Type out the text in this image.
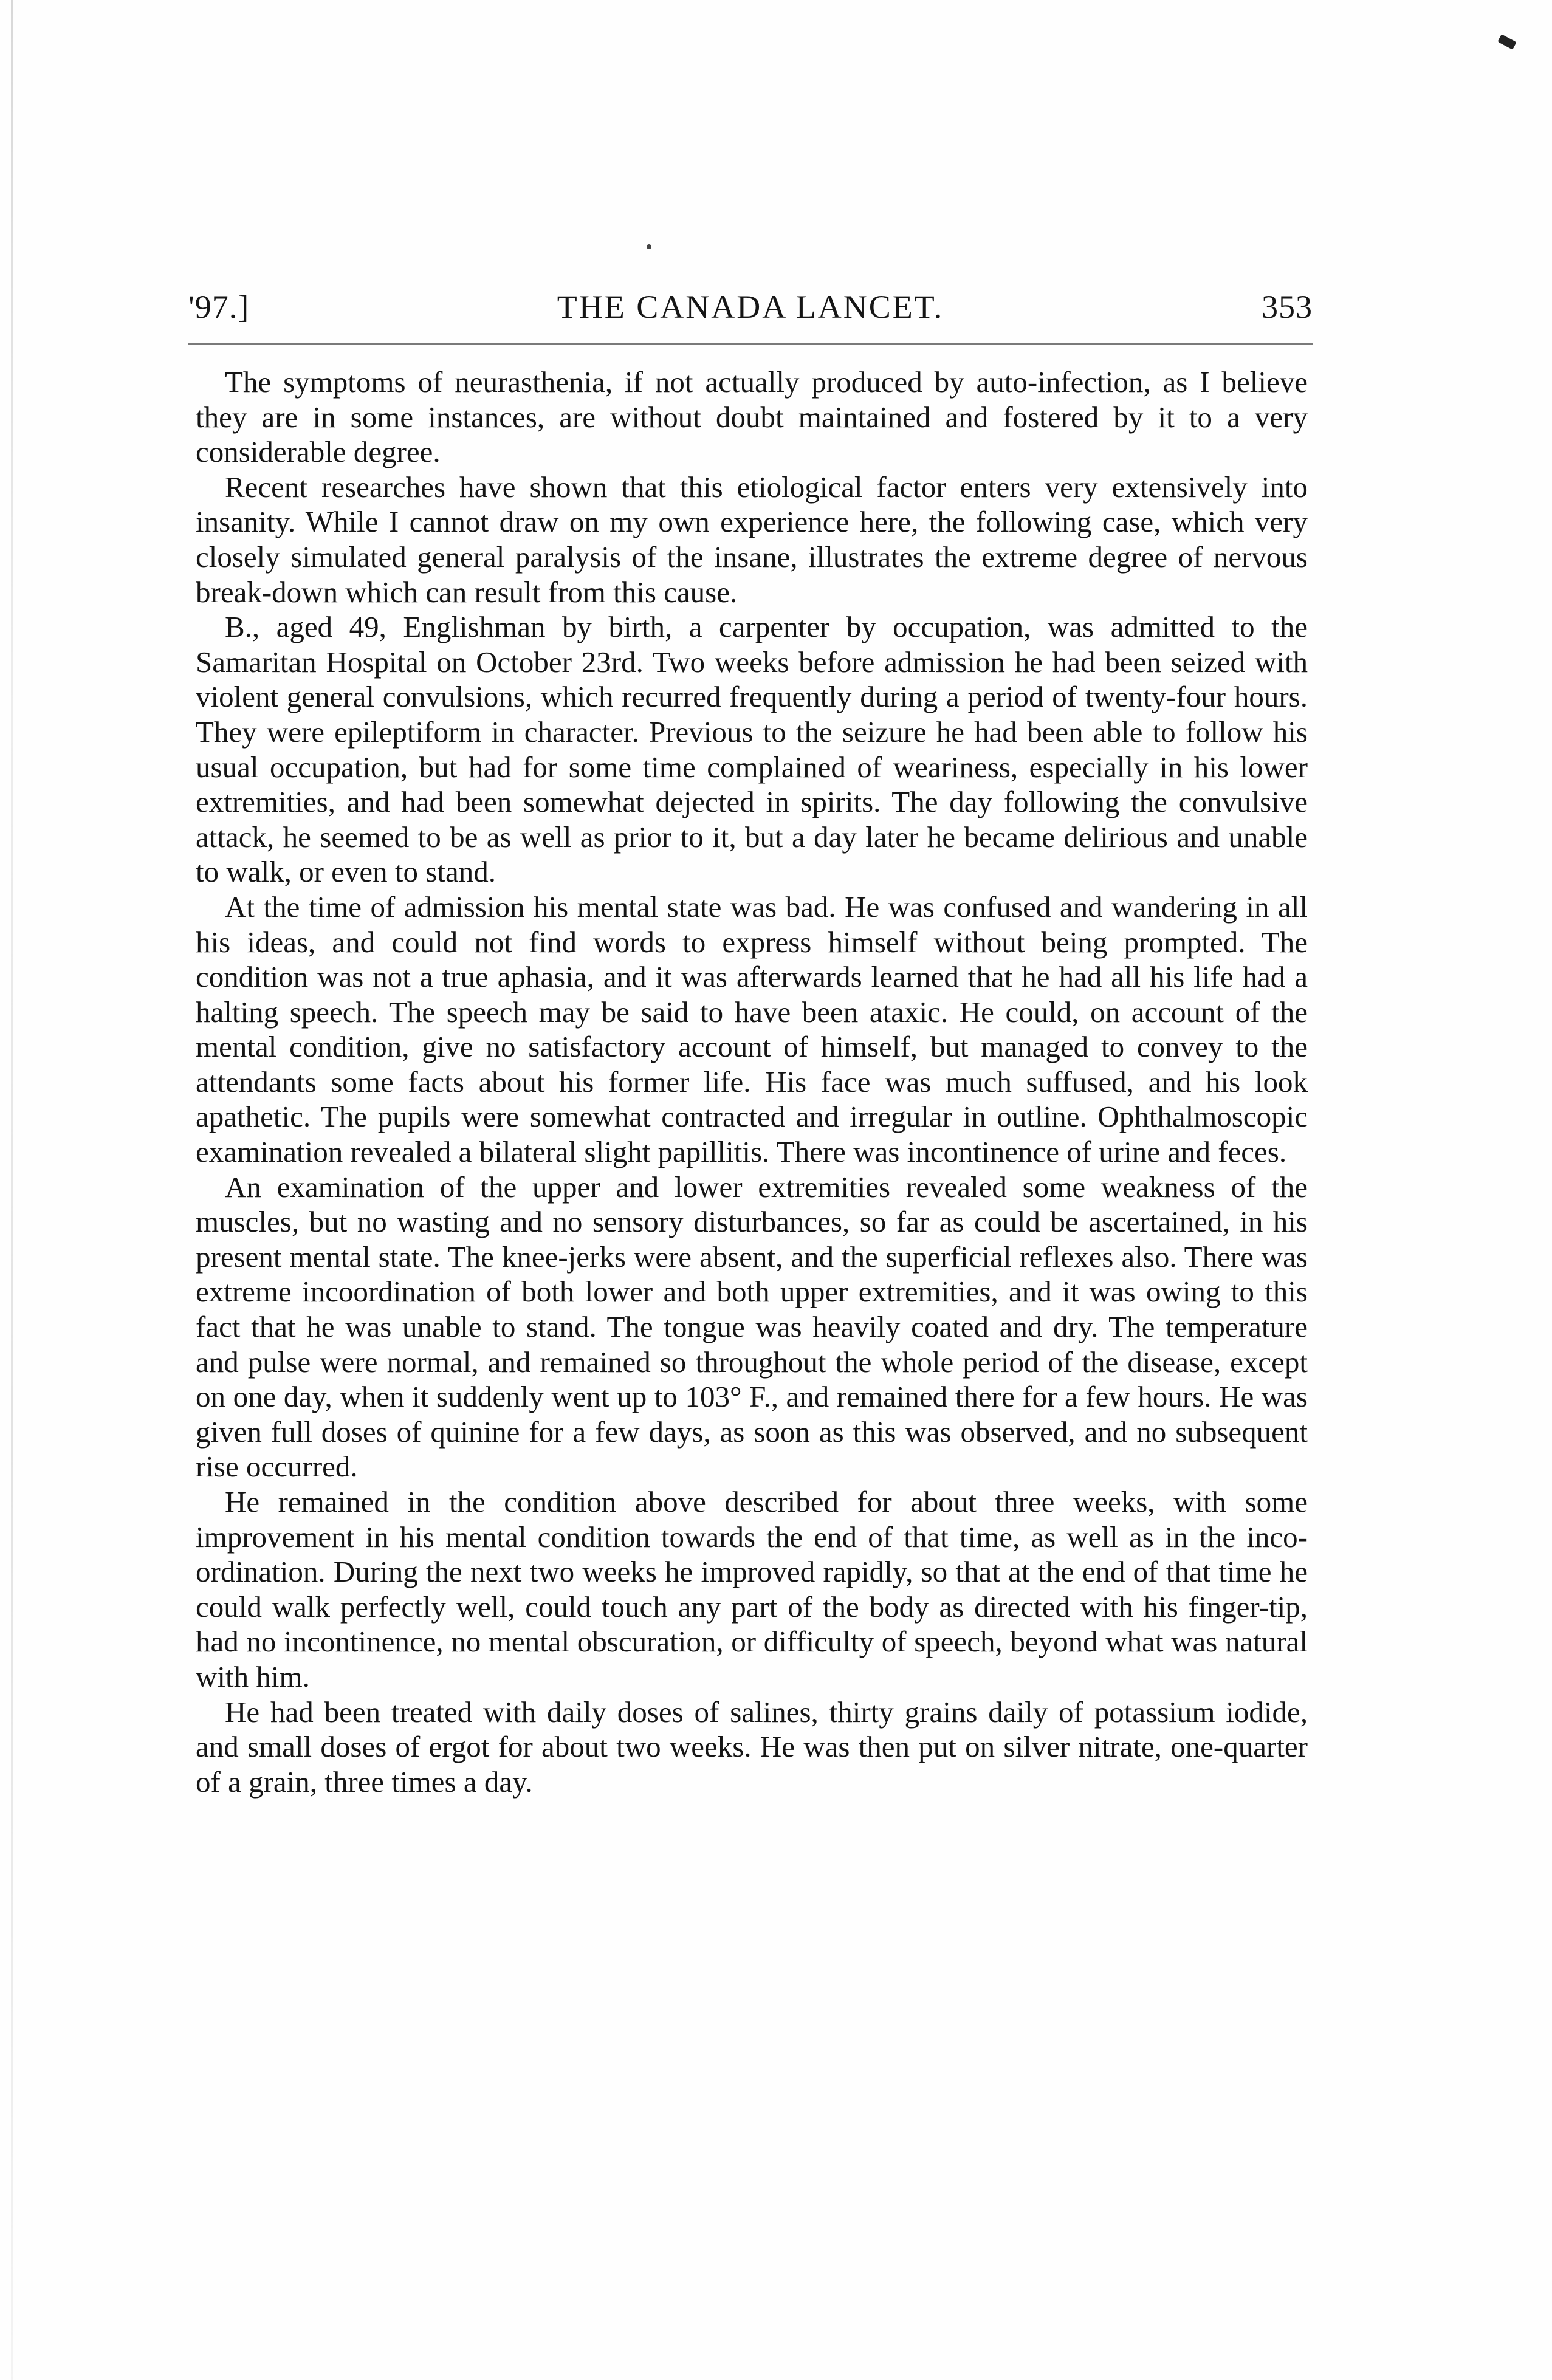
'97.]	THE CANADA LANCET.	353

The symptoms of neurasthenia, if not actually produced by auto-infection, as I believe they are in some instances, are without doubt maintained and fostered by it to a very considerable degree.

Recent researches have shown that this etiological factor enters very extensively into insanity. While I cannot draw on my own experience here, the following case, which very closely simulated general paralysis of the insane, illustrates the extreme degree of nervous break-down which can result from this cause.

B., aged 49, Englishman by birth, a carpenter by occupation, was admitted to the Samaritan Hospital on October 23rd. Two weeks before admission he had been seized with violent general convulsions, which recurred frequently during a period of twenty-four hours. They were epileptiform in character. Previous to the seizure he had been able to follow his usual occupation, but had for some time complained of weariness, especially in his lower extremities, and had been somewhat dejected in spirits. The day following the convulsive attack, he seemed to be as well as prior to it, but a day later he became delirious and unable to walk, or even to stand.

At the time of admission his mental state was bad. He was confused and wandering in all his ideas, and could not find words to express himself without being prompted. The condition was not a true aphasia, and it was afterwards learned that he had all his life had a halting speech. The speech may be said to have been ataxic. He could, on account of the mental condition, give no satisfactory account of himself, but managed to convey to the attendants some facts about his former life. His face was much suffused, and his look apathetic. The pupils were somewhat contracted and irregular in outline. Ophthalmoscopic examination revealed a bilateral slight papillitis. There was incontinence of urine and feces.

An examination of the upper and lower extremities revealed some weakness of the muscles, but no wasting and no sensory disturbances, so far as could be ascertained, in his present mental state. The knee-jerks were absent, and the superficial reflexes also. There was extreme incoordination of both lower and both upper extremities, and it was owing to this fact that he was unable to stand. The tongue was heavily coated and dry. The temperature and pulse were normal, and remained so throughout the whole period of the disease, except on one day, when it suddenly went up to 103° F., and remained there for a few hours. He was given full doses of quinine for a few days, as soon as this was observed, and no subsequent rise occurred.

He remained in the condition above described for about three weeks, with some improvement in his mental condition towards the end of that time, as well as in the inco-ordination. During the next two weeks he improved rapidly, so that at the end of that time he could walk perfectly well, could touch any part of the body as directed with his finger-tip, had no incontinence, no mental obscuration, or difficulty of speech, beyond what was natural with him.

He had been treated with daily doses of salines, thirty grains daily of potassium iodide, and small doses of ergot for about two weeks. He was then put on silver nitrate, one-quarter of a grain, three times a day.
